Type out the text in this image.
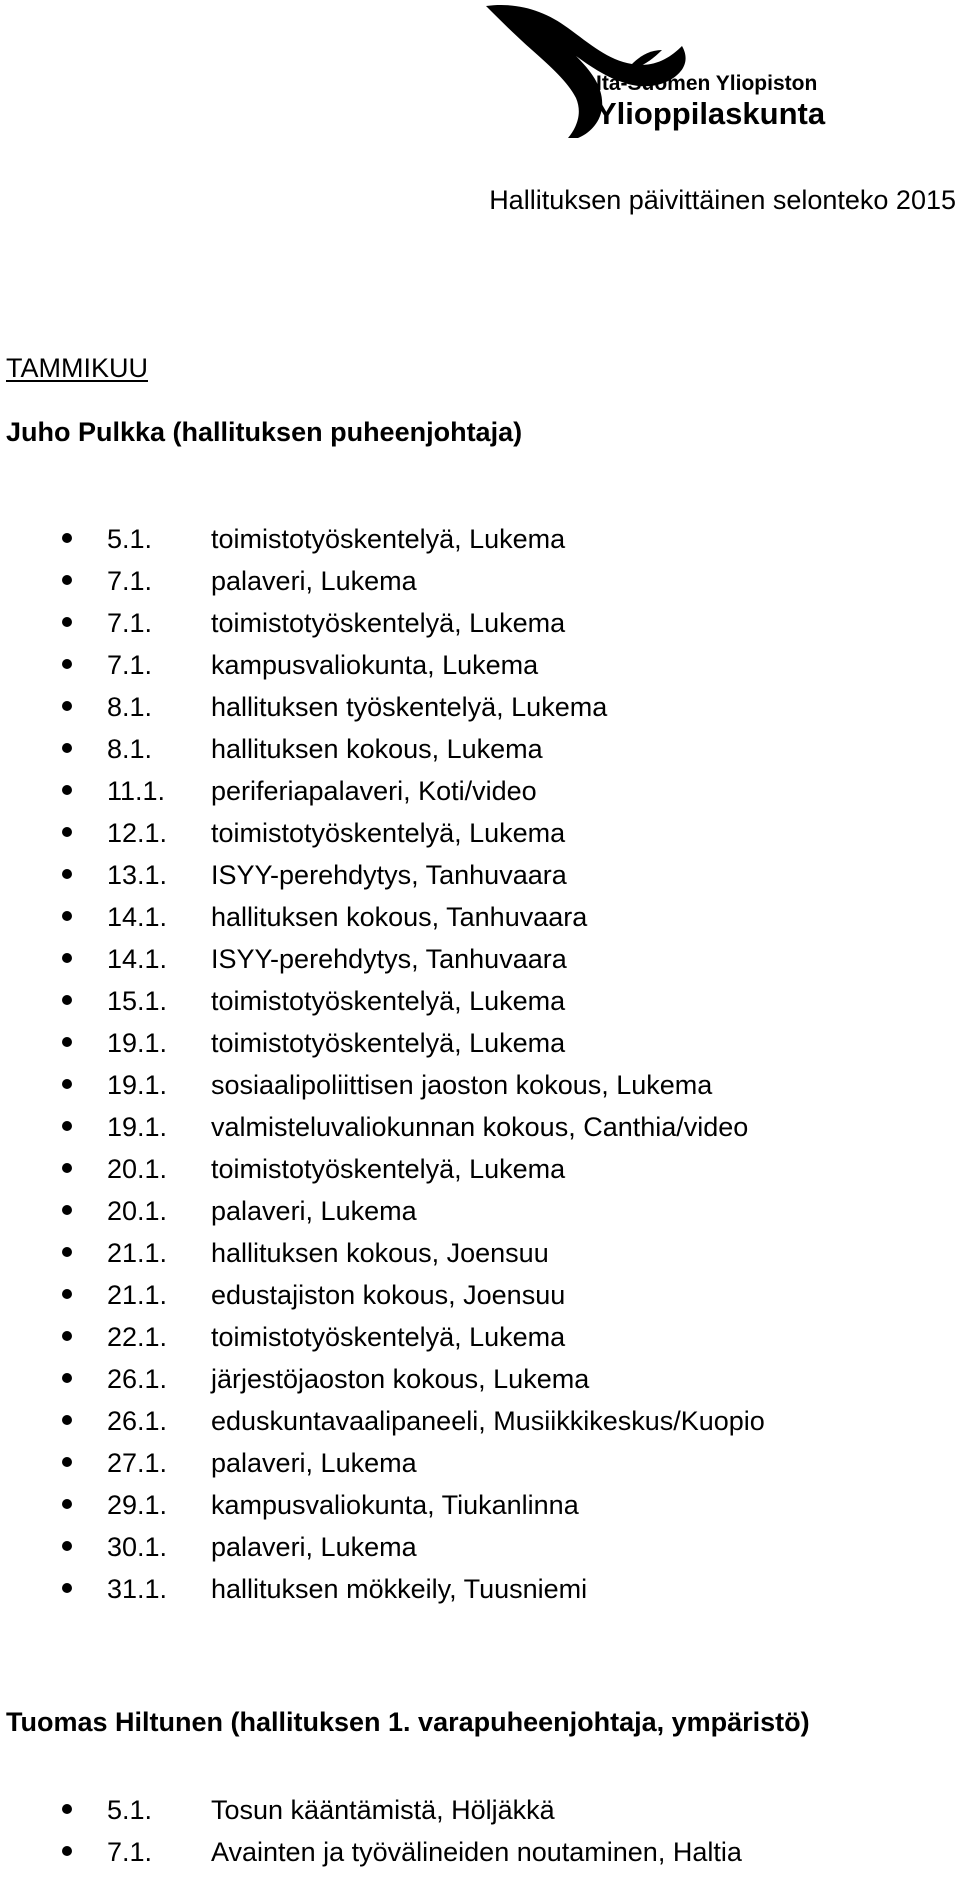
Itä-Suomen Yliopiston
Ylioppilaskunta
Hallituksen päivittäinen selonteko 2015
TAMMIKUU
Juho Pulkka (hallituksen puheenjohtaja)
5.1. toimistotyöskentelyä, Lukema
7.1. palaveri, Lukema
7.1. toimistotyöskentelyä, Lukema
7.1. kampusvaliokunta, Lukema
8.1. hallituksen työskentelyä, Lukema
8.1. hallituksen kokous, Lukema
11.1. periferiapalaveri, Koti/video
12.1. toimistotyöskentelyä, Lukema
13.1. ISYY-perehdytys, Tanhuvaara
14.1. hallituksen kokous, Tanhuvaara
14.1. ISYY-perehdytys, Tanhuvaara
15.1. toimistotyöskentelyä, Lukema
19.1. toimistotyöskentelyä, Lukema
19.1. sosiaalipoliittisen jaoston kokous, Lukema
19.1. valmisteluvaliokunnan kokous, Canthia/video
20.1. toimistotyöskentelyä, Lukema
20.1. palaveri, Lukema
21.1. hallituksen kokous, Joensuu
21.1. edustajiston kokous, Joensuu
22.1. toimistotyöskentelyä, Lukema
26.1. järjestöjaoston kokous, Lukema
26.1. eduskuntavaalipaneeli, Musiikkikeskus/Kuopio
27.1. palaveri, Lukema
29.1. kampusvaliokunta, Tiukanlinna
30.1. palaveri, Lukema
31.1. hallituksen mökkeily, Tuusniemi
Tuomas Hiltunen (hallituksen 1. varapuheenjohtaja, ympäristö)
5.1. Tosun kääntämistä, Höljäkkä
7.1. Avainten ja työvälineiden noutaminen, Haltia
